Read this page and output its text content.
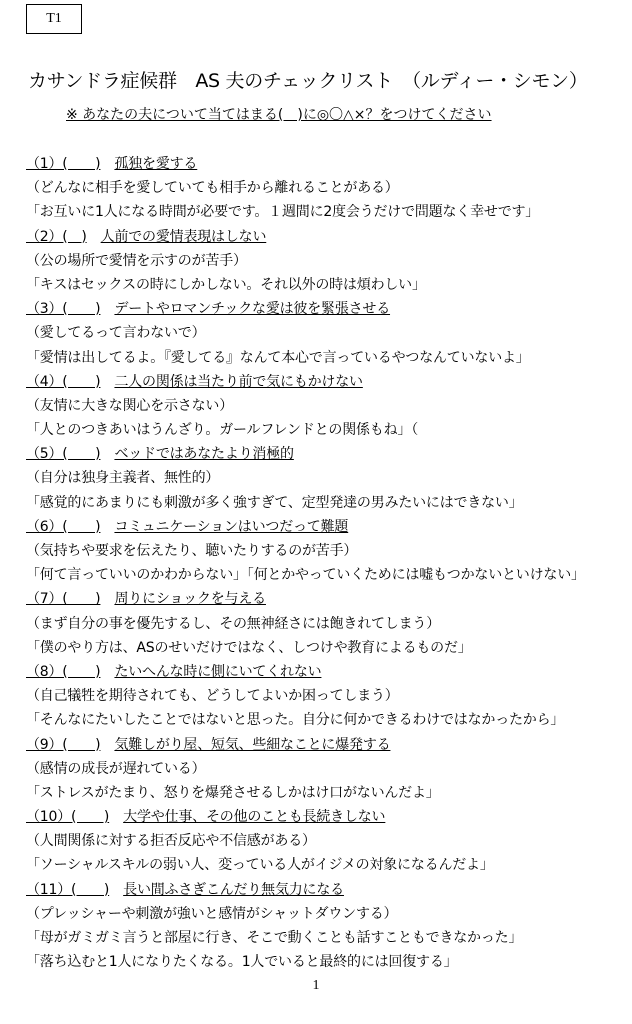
T1
カサンドラ症候群　AS 夫のチェックリスト　（ルディー・シモン）
※ あなたの夫について当てはまる(　)に◎〇△×？をつけてください
（1）(　　) 孤独を愛する
（どんなに相手を愛していても相手から離れることがある）
「お互いに1人になる時間が必要です。１週間に2度会うだけで問題なく幸せです」
（2）(　) 人前での愛情表現はしない
（公の場所で愛情を示すのが苦手）
「キスはセックスの時にしかしない。それ以外の時は煩わしい」
（3）(　　) デートやロマンチックな愛は彼を緊張させる
（愛してるって言わないで）
「愛情は出してるよ。『愛してる』なんて本心で言っているやつなんていないよ」
（4）(　　) 二人の関係は当たり前で気にもかけない
（友情に大きな関心を示さない）
「人とのつきあいはうんざり。ガールフレンドとの関係もね」（
（5）(　　) ベッドではあなたより消極的
（自分は独身主義者、無性的）
「感覚的にあまりにも刺激が多く強すぎて、定型発達の男みたいにはできない」
（6）(　　) コミュニケーションはいつだって難題
（気持ちや要求を伝えたり、聴いたりするのが苦手）
「何て言っていいのかわからない」「何とかやっていくためには嘘もつかないといけない」
（7）(　　) 周りにショックを与える
（まず自分の事を優先するし、その無神経さには飽きれてしまう）
「僕のやり方は、ASのせいだけではなく、しつけや教育によるものだ」
（8）(　　) たいへんな時に側にいてくれない
（自己犠牲を期待されても、どうしてよいか困ってしまう）
「そんなにたいしたことではないと思った。自分に何かできるわけではなかったから」
（9）(　　) 気難しがり屋、短気、些細なことに爆発する
（感情の成長が遅れている）
「ストレスがたまり、怒りを爆発させるしかはけ口がないんだよ」
（10）(　　) 大学や仕事、その他のことも長続きしない
（人間関係に対する拒否反応や不信感がある）
「ソーシャルスキルの弱い人、変っている人がイジメの対象になるんだよ」
（11）(　　) 長い間ふさぎこんだり無気力になる
（プレッシャーや刺激が強いと感情がシャットダウンする）
「母がガミガミ言うと部屋に行き、そこで動くことも話すこともできなかった」
「落ち込むと1人になりたくなる。1人でいると最終的には回復する」
1
